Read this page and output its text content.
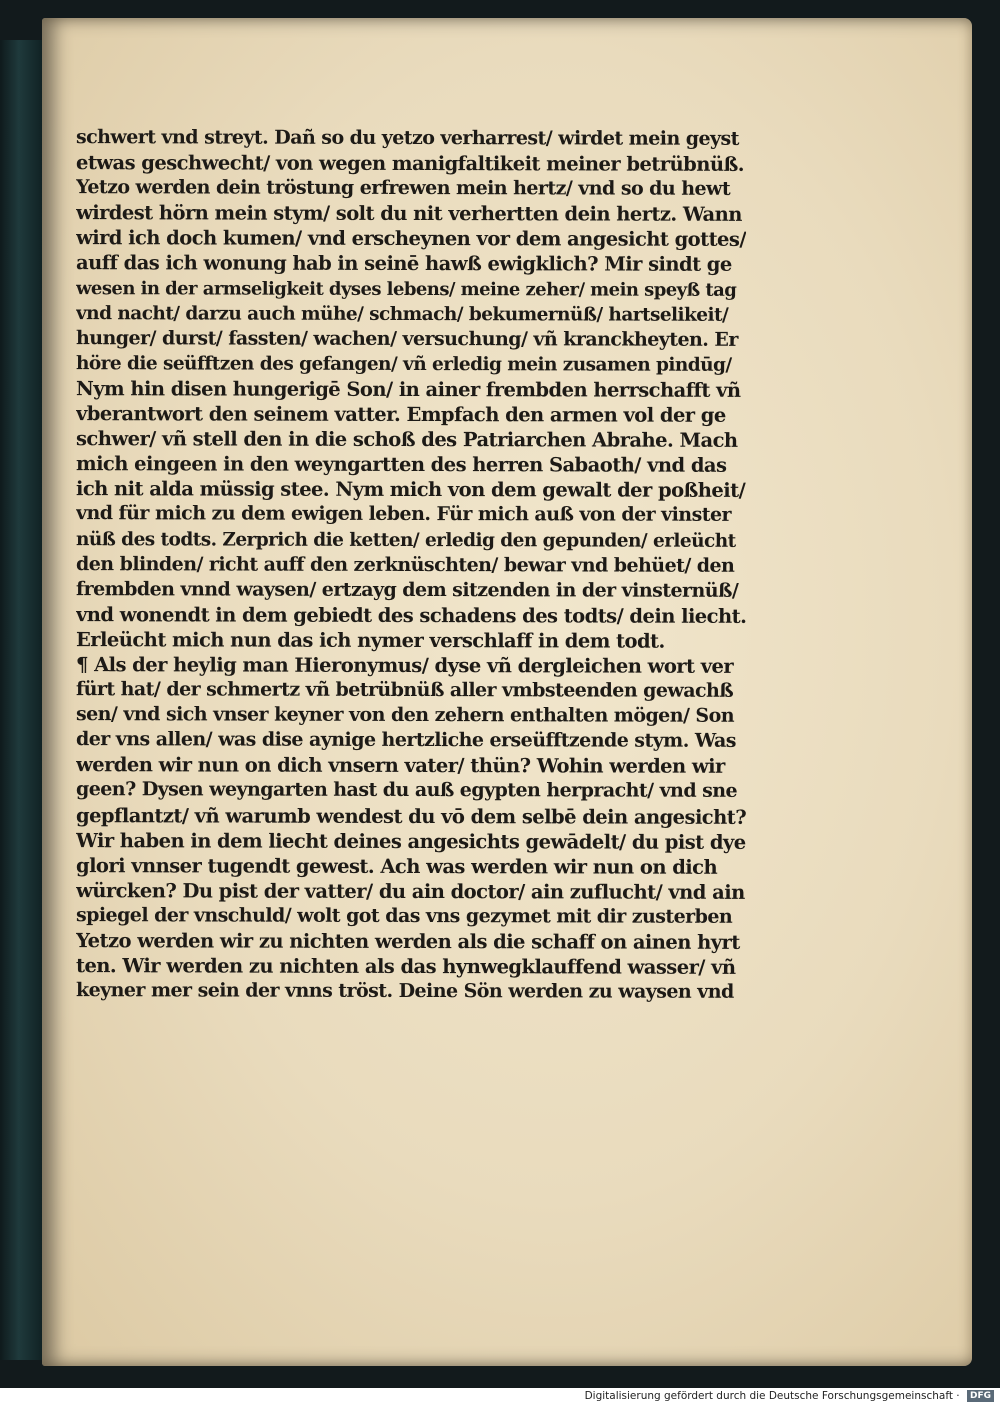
schwert vnd streyt. Dañ so du yetzo verharrest/ wirdet mein geyst
etwas geschwecht/ von wegen manigfaltikeit meiner betrübnüß.
Yetzo werden dein tröstung erfrewen mein hertz/ vnd so du hewt
wirdest hörn mein stym/ solt du nit verhertten dein hertz. Wann
wird ich doch kumen/ vnd erscheynen vor dem angesicht gottes/
auff das ich wonung hab in seinē hawß ewigklich? Mir sindt ge
wesen in der armseligkeit dyses lebens/ meine zeher/ mein speyß tag
vnd nacht/ darzu auch mühe/ schmach/ bekumernüß/ hartselikeit/
hunger/ durst/ fassten/ wachen/ versuchung/ vñ kranckheyten. Er
höre die seüfftzen des gefangen/ vñ erledig mein zusamen pindūg/
Nym hin disen hungerigē Son/ in ainer frembden herrschafft vñ
vberantwort den seinem vatter. Empfach den armen vol der ge
schwer/ vñ stell den in die schoß des Patriarchen Abrahe. Mach
mich eingeen in den weyngartten des herren Sabaoth/ vnd das
ich nit alda müssig stee. Nym mich von dem gewalt der poßheit/
vnd für mich zu dem ewigen leben. Für mich auß von der vinster
nüß des todts. Zerprich die ketten/ erledig den gepunden/ erleücht
den blinden/ richt auff den zerknüschten/ bewar vnd behüet/ den
frembden vnnd waysen/ ertzayg dem sitzenden in der vinsternüß/
vnd wonendt in dem gebiedt des schadens des todts/ dein liecht.
Erleücht mich nun das ich nymer verschlaff in dem todt.
¶ Als der heylig man Hieronymus/ dyse vñ dergleichen wort ver
fürt hat/ der schmertz vñ betrübnüß aller vmbsteenden gewachß
sen/ vnd sich vnser keyner von den zehern enthalten mögen/ Son
der vns allen/ was dise aynige hertzliche erseüfftzende stym. Was
werden wir nun on dich vnsern vater/ thün? Wohin werden wir
geen? Dysen weyngarten hast du auß egypten herpracht/ vnd sne
gepflantzt/ vñ warumb wendest du vō dem selbē dein angesicht?
Wir haben in dem liecht deines angesichts gewādelt/ du pist dye
glori vnnser tugendt gewest. Ach was werden wir nun on dich
würcken? Du pist der vatter/ du ain doctor/ ain zuflucht/ vnd ain
spiegel der vnschuld/ wolt got das vns gezymet mit dir zusterben
Yetzo werden wir zu nichten werden als die schaff on ainen hyrt
ten. Wir werden zu nichten als das hynwegklauffend wasser/ vñ
keyner mer sein der vnns tröst. Deine Sön werden zu waysen vnd
Digitalisierung gefördert durch die Deutsche Forschungsgemeinschaft · DFG
